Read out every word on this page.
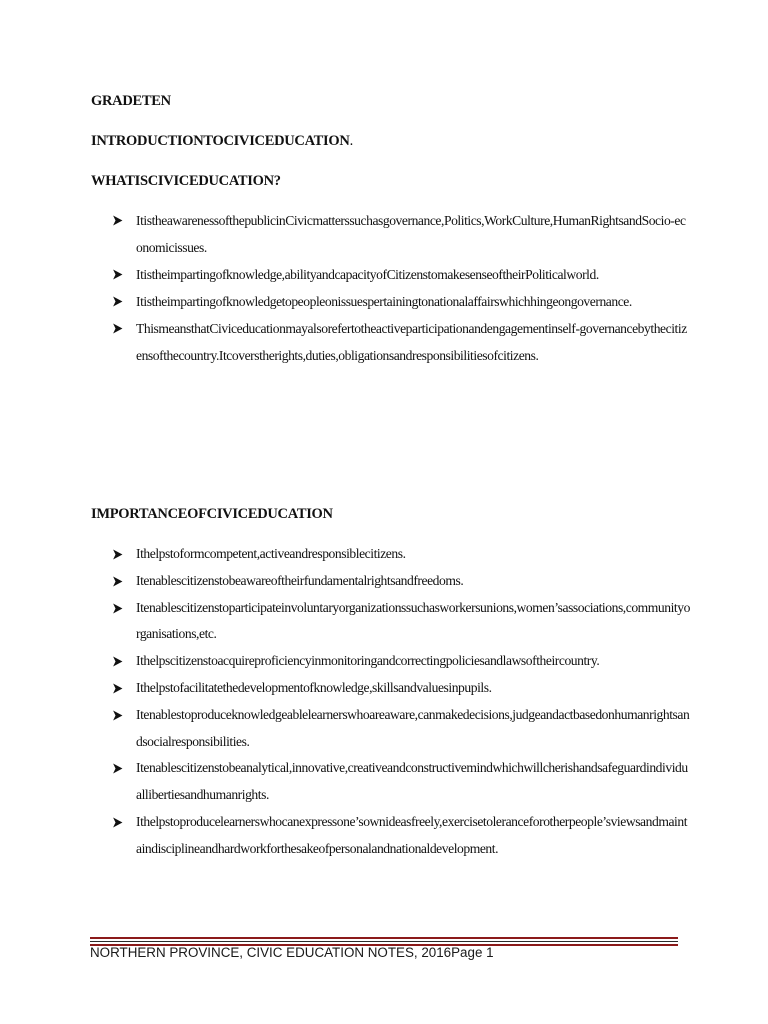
GRADETEN
INTRODUCTIONTOCIVICEDUCATION.
WHATISCIVICEDUCATION?
ItistheawarenessofthepublicinCivicmatterssuchasgovernance,Politics,WorkCulture,HumanRightsandSocio-economicissues.
Itistheimpartingofknowledge,abilityandcapacityofCitizenstomakesenseoftheirPoliticalworld.
Itistheimpartingofknowledgetopeopleonissuespertainingtonationalaffairswhichhingeongovernance.
ThismeansthatCiviceducationmayalsorefertotheactiveparticipationandengagementinself-governancebythecitizensofthecountry.Itcoverstherights,duties,obligationsandresponsibilitiesofcitizens.
IMPORTANCEOFCIVICEDUCATION
Ithelpstoformcompetent,activeandresponsiblecitizens.
Itenablescitizenstobeawareoftheirfundamentalrightsandfreedoms.
Itenablescitizenstoparticipateinvoluntaryorganizationssuchasworkersunions,women’sassociations,communityorganisations,etc.
Ithelpscitizenstoacquireproficiencyinmonitoringandcorrectingpoliciesandlawsoftheircountry.
Ithelpstofacilitatethedevelopmentofknowledge,skillsandvaluesinpupils.
Itenablestoproduceknowledgeablelearnerswhoareaware,canmakedecisions,judgeandactbasedonhumanrightsandsocialresponsibilities.
Itenablescitizenstobeanalytical,innovative,creativeandconstructivemindwhichwillcherishandsafeguardindividuallibertiesandhumanrights.
Ithelpstoproducelearnerswhocanexpressone’sownideasfreely,exercisetoleranceforotherpeople’sviewsandmaintaindisciplineandhardworkforthesakeofpersonalandnationaldevelopment.
NORTHERN PROVINCE, CIVIC EDUCATION NOTES, 2016Page 1
